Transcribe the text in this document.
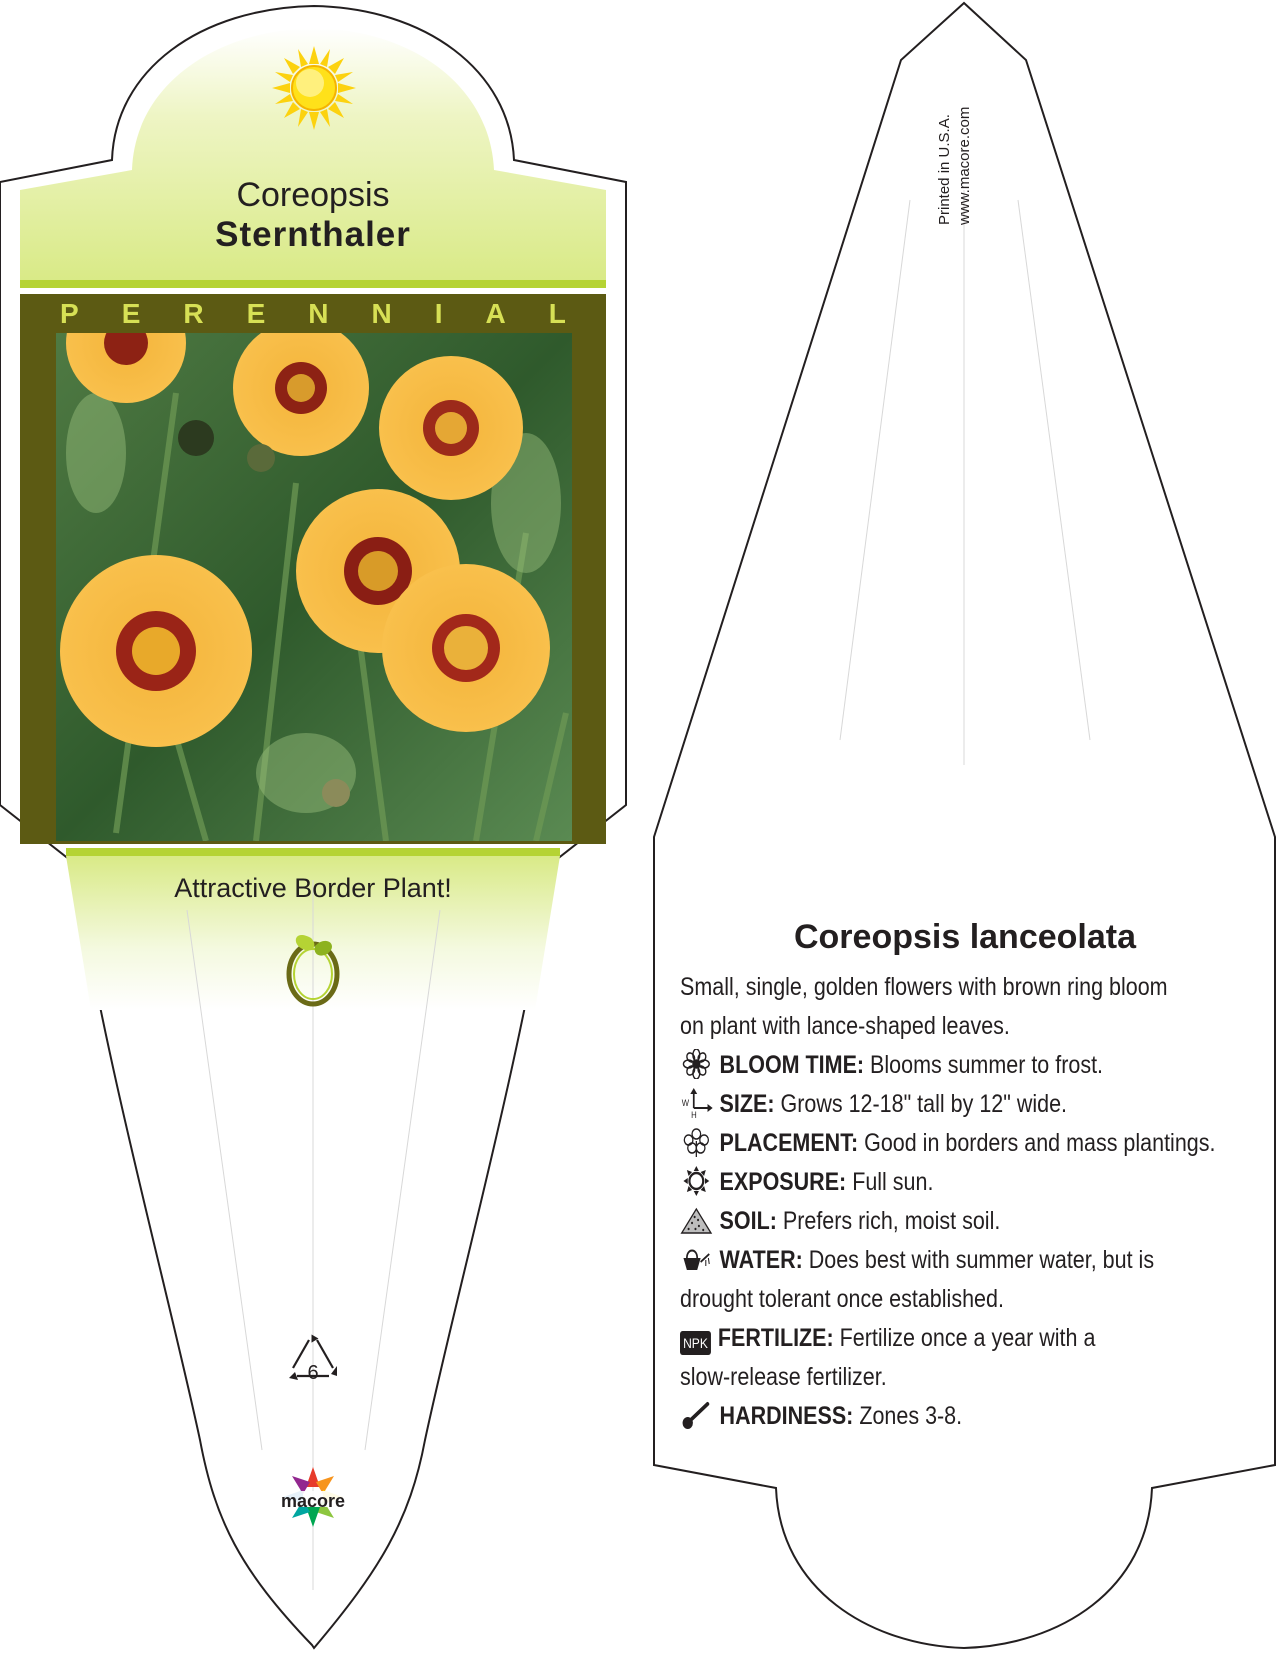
Coreopsis
Sternthaler
P E R E N N I A L
Attractive Border Plant!
6
macore
Printed in U.S.A. www.macore.com
Coreopsis lanceolata
Small, single, golden flowers with brown ring bloom
on plant with lance-shaped leaves.
BLOOM TIME: Blooms summer to frost.
W
H SIZE: Grows 12-18" tall by 12" wide.
PLACEMENT: Good in borders and mass plantings.
EXPOSURE: Full sun.
SOIL: Prefers rich, moist soil.
WATER: Does best with summer water, but is
drought tolerant once established.
NPK FERTILIZE: Fertilize once a year with a
slow-release fertilizer.
HARDINESS: Zones 3-8.
